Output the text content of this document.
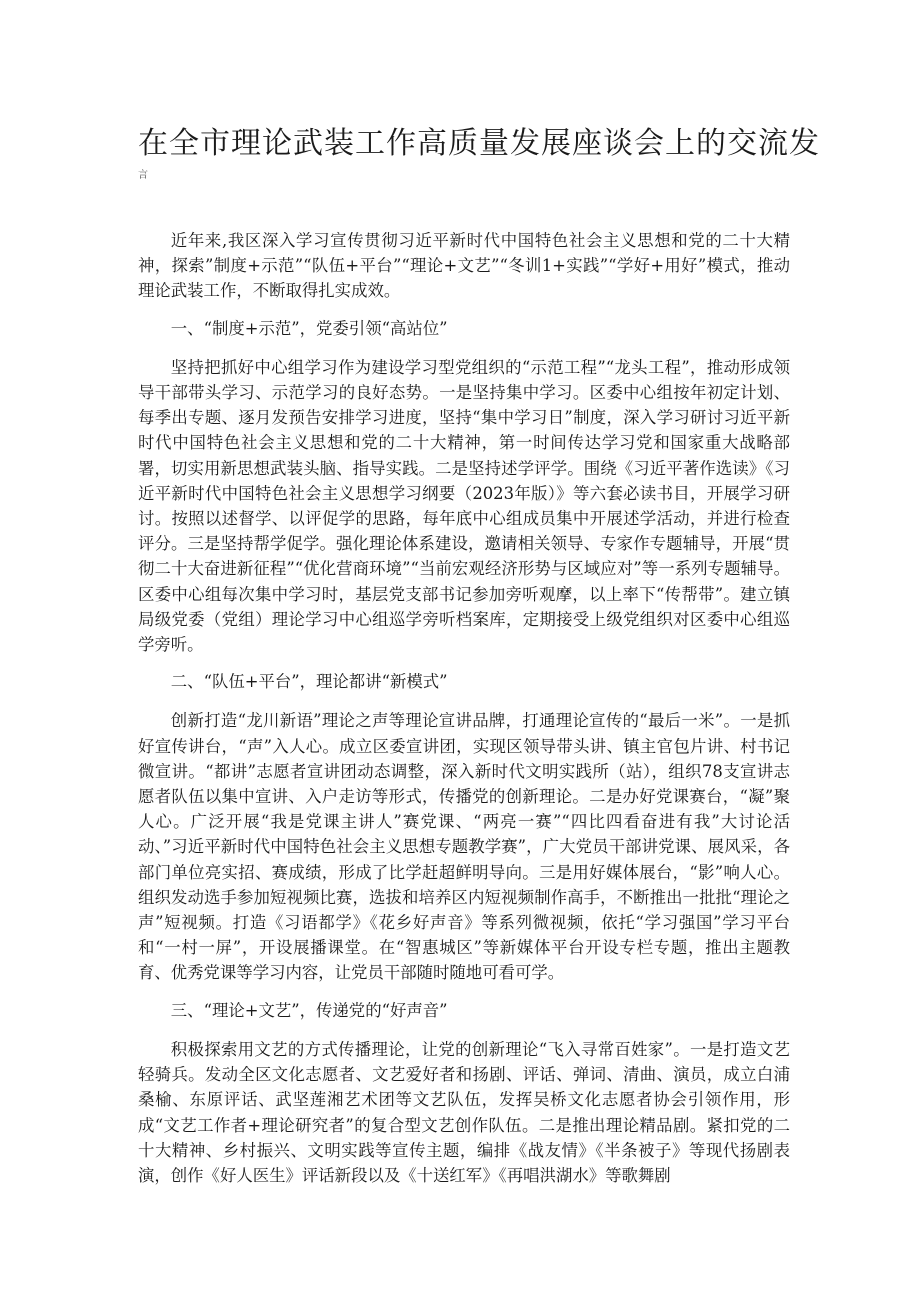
在全市理论武装工作高质量发展座谈会上的交流发
言

近年来,我区深入学习宣传贯彻习近平新时代中国特色社会主义思想和党的二十大精神，探索”制度+示范”“队伍+平台”“理论+文艺”“冬训1+实践”“学好+用好”模式，推动理论武装工作，不断取得扎实成效。

一、“制度+示范”，党委引领“高站位”

坚持把抓好中心组学习作为建设学习型党组织的“示范工程”“龙头工程”，推动形成领导干部带头学习、示范学习的良好态势。一是坚持集中学习。区委中心组按年初定计划、每季出专题、逐月发预告安排学习进度，坚持“集中学习日”制度，深入学习研讨习近平新时代中国特色社会主义思想和党的二十大精神，第一时间传达学习党和国家重大战略部署，切实用新思想武装头脑、指导实践。二是坚持述学评学。围绕《习近平著作选读》《习近平新时代中国特色社会主义思想学习纲要（2023年版）》等六套必读书目，开展学习研讨。按照以述督学、以评促学的思路，每年底中心组成员集中开展述学活动，并进行检查评分。三是坚持帮学促学。强化理论体系建设，邀请相关领导、专家作专题辅导，开展“贯彻二十大奋进新征程”“优化营商环境”“当前宏观经济形势与区域应对”等一系列专题辅导。区委中心组每次集中学习时，基层党支部书记参加旁听观摩，以上率下“传帮带”。建立镇局级党委（党组）理论学习中心组巡学旁听档案库，定期接受上级党组织对区委中心组巡学旁听。

二、“队伍+平台”，理论都讲“新模式”

创新打造“龙川新语”理论之声等理论宣讲品牌，打通理论宣传的“最后一米”。一是抓好宣传讲台，“声”入人心。成立区委宣讲团，实现区领导带头讲、镇主官包片讲、村书记微宣讲。“都讲”志愿者宣讲团动态调整，深入新时代文明实践所（站），组织78支宣讲志愿者队伍以集中宣讲、入户走访等形式，传播党的创新理论。二是办好党课赛台，“凝”聚人心。广泛开展“我是党课主讲人”赛党课、“两亮一赛”“四比四看奋进有我”大讨论活动、”习近平新时代中国特色社会主义思想专题教学赛”，广大党员干部讲党课、展风采，各部门单位亮实招、赛成绩，形成了比学赶超鲜明导向。三是用好媒体展台，“影”响人心。组织发动选手参加短视频比赛，选拔和培养区内短视频制作高手，不断推出一批批“理论之声”短视频。打造《习语都学》《花乡好声音》等系列微视频，依托“学习强国”学习平台和“一村一屏”，开设展播课堂。在“智惠城区”等新媒体平台开设专栏专题，推出主题教育、优秀党课等学习内容，让党员干部随时随地可看可学。

三、“理论+文艺”，传递党的“好声音”

积极探索用文艺的方式传播理论，让党的创新理论“飞入寻常百姓家”。一是打造文艺轻骑兵。发动全区文化志愿者、文艺爱好者和扬剧、评话、弹词、清曲、演员，成立白浦桑榆、东原评话、武坚莲湘艺术团等文艺队伍，发挥吴桥文化志愿者协会引领作用，形成“文艺工作者+理论研究者”的复合型文艺创作队伍。二是推出理论精品剧。紧扣党的二十大精神、乡村振兴、文明实践等宣传主题，编排《战友情》《半条被子》等现代扬剧表演，创作《好人医生》评话新段以及《十送红军》《再唱洪湖水》等歌舞剧
